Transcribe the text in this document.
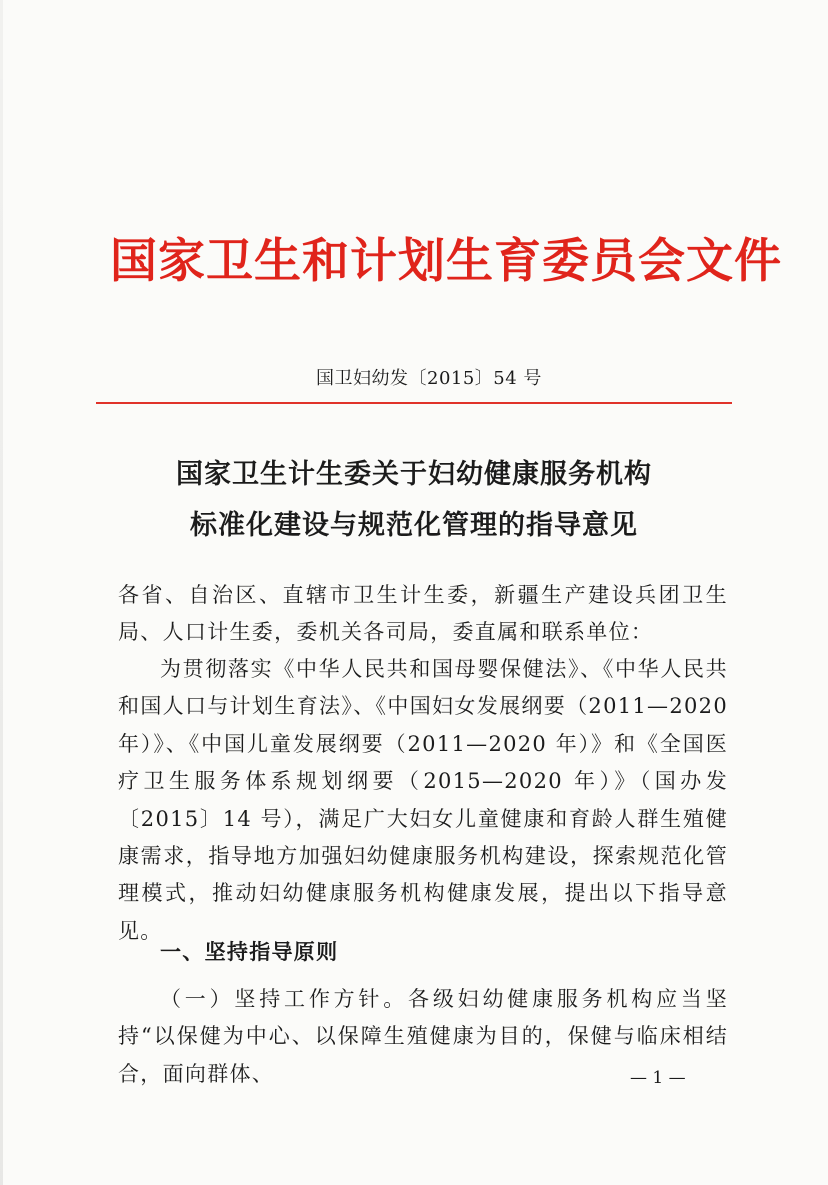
国家卫生和计划生育委员会文件
国卫妇幼发〔2015〕54 号
国家卫生计生委关于妇幼健康服务机构
标准化建设与规范化管理的指导意见
各省、自治区、直辖市卫生计生委，新疆生产建设兵团卫生局、人口计生委，委机关各司局，委直属和联系单位：
为贯彻落实《中华人民共和国母婴保健法》、《中华人民共和国人口与计划生育法》、《中国妇女发展纲要（2011—2020 年）》、《中国儿童发展纲要（2011—2020 年）》和《全国医疗卫生服务体系规划纲要（2015—2020 年）》（国办发〔2015〕14 号），满足广大妇女儿童健康和育龄人群生殖健康需求，指导地方加强妇幼健康服务机构建设，探索规范化管理模式，推动妇幼健康服务机构健康发展，提出以下指导意见。
一、坚持指导原则
（一）坚持工作方针。各级妇幼健康服务机构应当坚持“以保健为中心、以保障生殖健康为目的，保健与临床相结合，面向群体、	— 1 —
